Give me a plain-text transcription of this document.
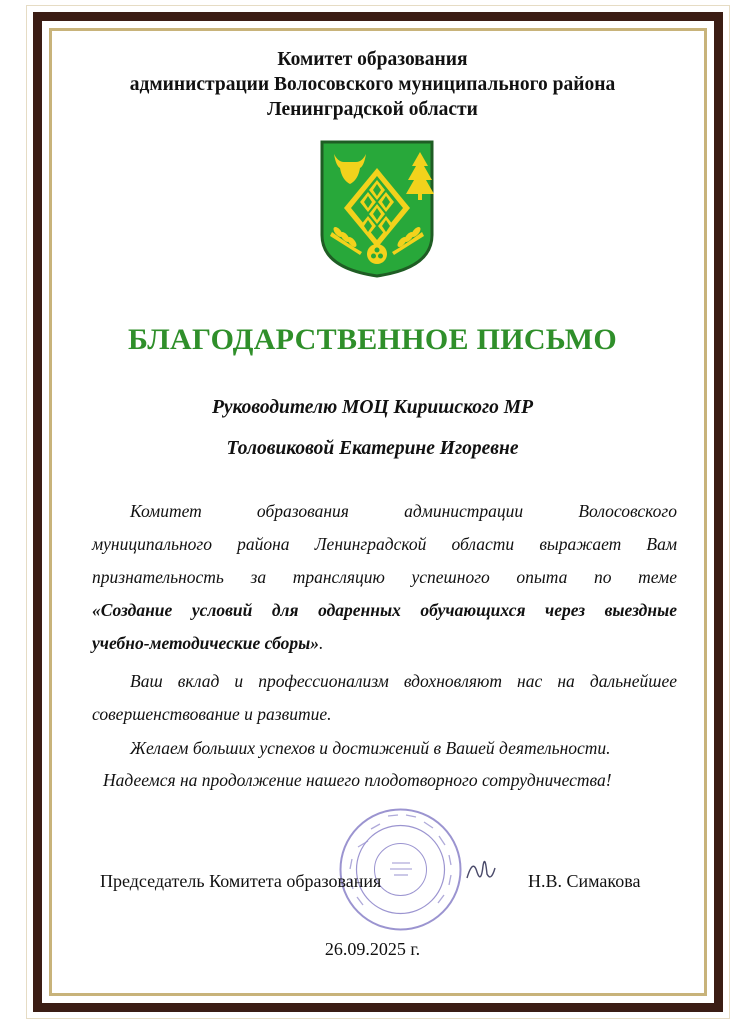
Комитет образования
администрации Волосовского муниципального района
Ленинградской области
БЛАГОДАРСТВЕННОЕ ПИСЬМО
Руководителю МОЦ Киришского МР
Толовиковой Екатерине Игоревне
Комитет образования администрации Волосовского
муниципального района Ленинградской области выражает Вам
признательность за трансляцию успешного опыта по теме
«Создание условий для одаренных обучающихся через выездные
учебно-методические сборы».
Ваш вклад и профессионализм вдохновляют нас на дальнейшее
совершенствование и развитие.
Желаем больших успехов и достижений в Вашей деятельности.
Надеемся на продолжение нашего плодотворного сотрудничества!
Председатель Комитета образования	Н.В. Симакова
26.09.2025 г.
